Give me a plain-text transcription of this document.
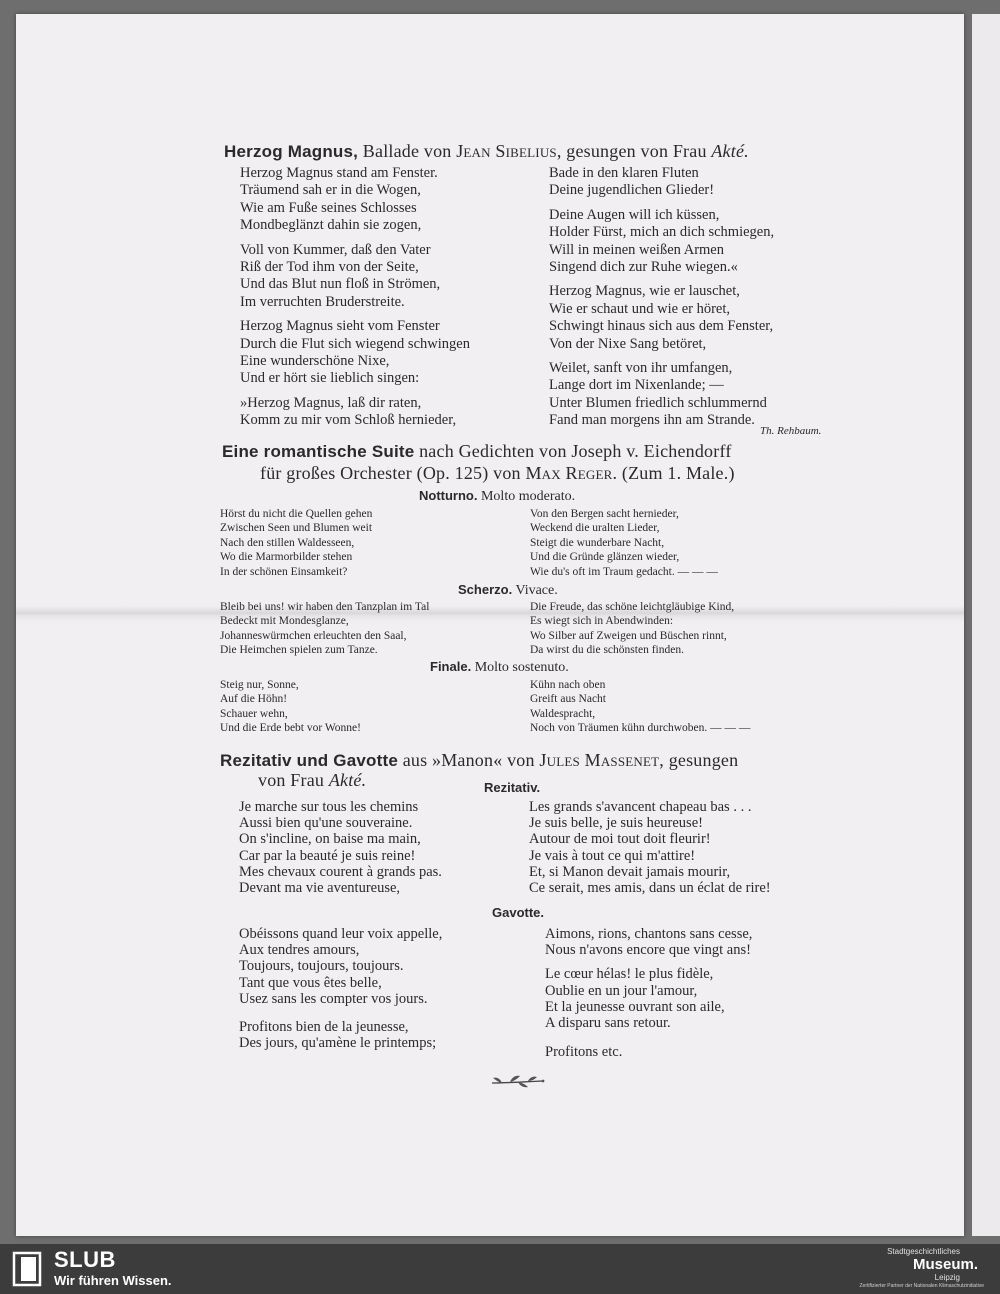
Herzog Magnus, Ballade von Jean Sibelius, gesungen von Frau Akté.
Herzog Magnus stand am Fenster.
Träumend sah er in die Wogen,
Wie am Fuße seines Schlosses
Mondbeglänzt dahin sie zogen,
Voll von Kummer, daß den Vater
Riß der Tod ihm von der Seite,
Und das Blut nun floß in Strömen,
Im verruchten Bruderstreite.
Herzog Magnus sieht vom Fenster
Durch die Flut sich wiegend schwingen
Eine wunderschöne Nixe,
Und er hört sie lieblich singen:
»Herzog Magnus, laß dir raten,
Komm zu mir vom Schloß hernieder,
Bade in den klaren Fluten
Deine jugendlichen Glieder!
Deine Augen will ich küssen,
Holder Fürst, mich an dich schmiegen,
Will in meinen weißen Armen
Singend dich zur Ruhe wiegen.«
Herzog Magnus, wie er lauschet,
Wie er schaut und wie er höret,
Schwingt hinaus sich aus dem Fenster,
Von der Nixe Sang betöret,
Weilet, sanft von ihr umfangen,
Lange dort im Nixenlande; —
Unter Blumen friedlich schlummernd
Fand man morgens ihn am Strande.
Th. Rehbaum.
Eine romantische Suite nach Gedichten von Joseph v. Eichendorff
für großes Orchester (Op. 125) von Max Reger. (Zum 1. Male.)
Notturno. Molto moderato.
Hörst du nicht die Quellen gehen
Zwischen Seen und Blumen weit
Nach den stillen Waldesseen,
Wo die Marmorbilder stehen
In der schönen Einsamkeit?
Von den Bergen sacht hernieder,
Weckend die uralten Lieder,
Steigt die wunderbare Nacht,
Und die Gründe glänzen wieder,
Wie du's oft im Traum gedacht. — — —
Scherzo. Vivace.
Bleib bei uns! wir haben den Tanzplan im Tal
Bedeckt mit Mondesglanze,
Johanneswürmchen erleuchten den Saal,
Die Heimchen spielen zum Tanze.
Die Freude, das schöne leichtgläubige Kind,
Es wiegt sich in Abendwinden:
Wo Silber auf Zweigen und Büschen rinnt,
Da wirst du die schönsten finden.
Finale. Molto sostenuto.
Steig nur, Sonne,
Auf die Höhn!
Schauer wehn,
Und die Erde bebt vor Wonne!
Kühn nach oben
Greift aus Nacht
Waldespracht,
Noch von Träumen kühn durchwoben. — — —
Rezitativ und Gavotte aus »Manon« von Jules Massenet, gesungen
von Frau Akté.	Rezitativ.
Je marche sur tous les chemins
Aussi bien qu'une souveraine.
On s'incline, on baise ma main,
Car par la beauté je suis reine!
Mes chevaux courent à grands pas.
Devant ma vie aventureuse,
Les grands s'avancent chapeau bas . . .
Je suis belle, je suis heureuse!
Autour de moi tout doit fleurir!
Je vais à tout ce qui m'attire!
Et, si Manon devait jamais mourir,
Ce serait, mes amis, dans un éclat de rire!
Gavotte.
Obéissons quand leur voix appelle,
Aux tendres amours,
Toujours, toujours, toujours.
Tant que vous êtes belle,
Usez sans les compter vos jours.
Profitons bien de la jeunesse,
Des jours, qu'amène le printemps;
Aimons, rions, chantons sans cesse,
Nous n'avons encore que vingt ans!
Le cœur hélas! le plus fidèle,
Oublie en un jour l'amour,
Et la jeunesse ouvrant son aile,
A disparu sans retour.
Profitons etc.
SLUB
Wir führen Wissen.
Stadtgeschichtliches
Museum.
Leipzig
Zertifizierter Partner der Nationalen Klimaschutzinitiative
